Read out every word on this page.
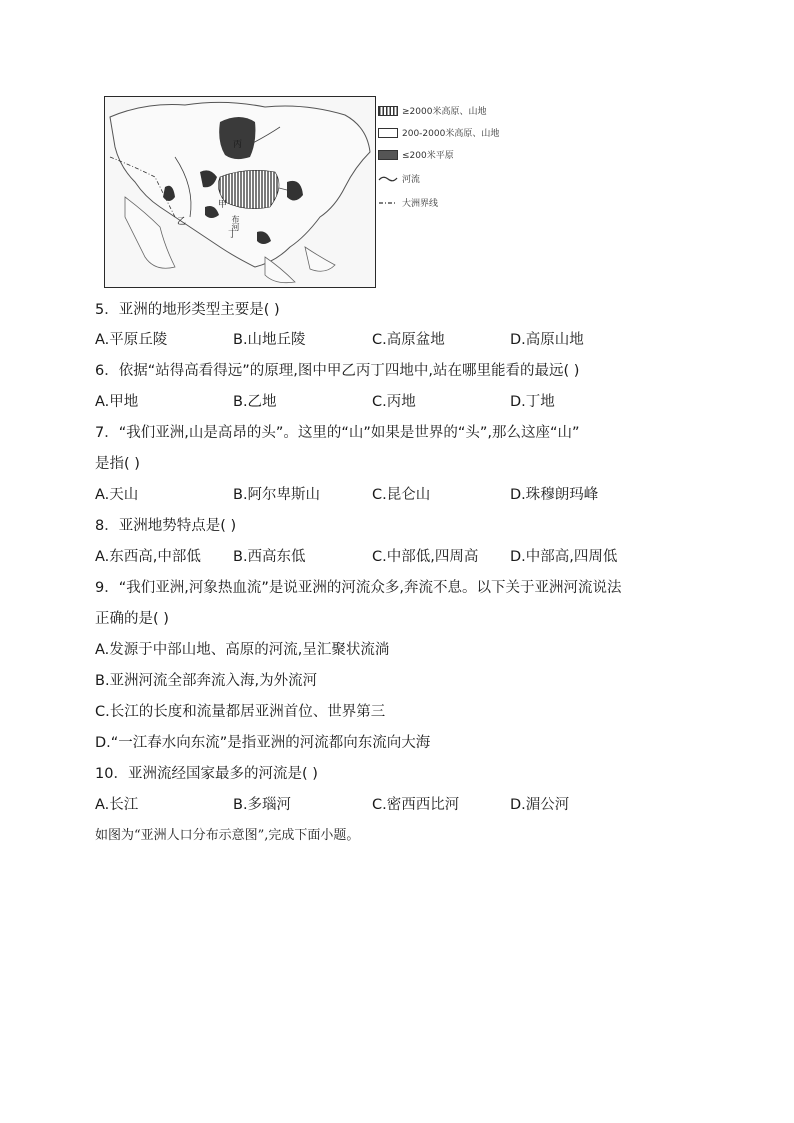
甲
乙
丙
丁
布河
≥2000米高原、山地
200-2000米高原、山地
≤200米平原
河流
大洲界线
5．亚洲的地形类型主要是( )
A.平原丘陵	B.山地丘陵	C.高原盆地	D.高原山地
6．依据“站得高看得远”的原理,图中甲乙丙丁四地中,站在哪里能看的最远( )
A.甲地	B.乙地	C.丙地	D.丁地
7．“我们亚洲,山是高昂的头”。这里的“山”如果是世界的“头”,那么这座“山”
是指( )
A.天山	B.阿尔卑斯山	C.昆仑山	D.珠穆朗玛峰
8．亚洲地势特点是( )
A.东西高,中部低 B.西高东低	C.中部低,四周高 D.中部高,四周低
9．“我们亚洲,河象热血流”是说亚洲的河流众多,奔流不息。以下关于亚洲河流说法
正确的是( )
A.发源于中部山地、高原的河流,呈汇聚状流淌
B.亚洲河流全部奔流入海,为外流河
C.长江的长度和流量都居亚洲首位、世界第三
D.“一江春水向东流”是指亚洲的河流都向东流向大海
10．亚洲流经国家最多的河流是( )
A.长江	B.多瑙河	C.密西西比河	D.湄公河
如图为“亚洲人口分布示意图”,完成下面小题。
